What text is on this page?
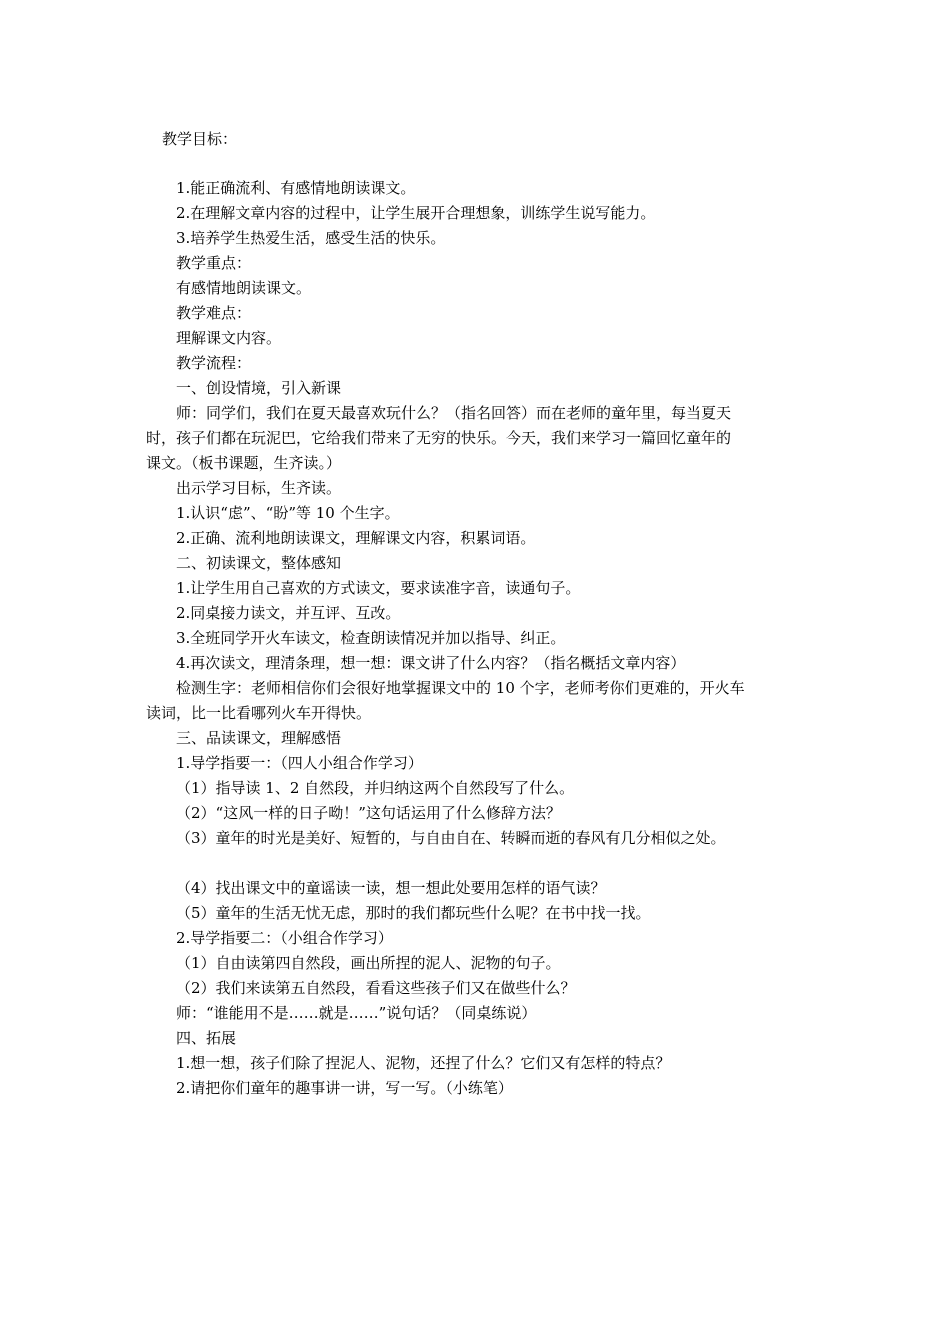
教学目标：
1.能正确流利、有感情地朗读课文。
2.在理解文章内容的过程中，让学生展开合理想象，训练学生说写能力。
3.培养学生热爱生活，感受生活的快乐。
教学重点：
有感情地朗读课文。
教学难点：
理解课文内容。
教学流程：
一、创设情境，引入新课
师：同学们，我们在夏天最喜欢玩什么？（指名回答）而在老师的童年里，每当夏天
时，孩子们都在玩泥巴，它给我们带来了无穷的快乐。今天，我们来学习一篇回忆童年的
课文。（板书课题，生齐读。）
出示学习目标，生齐读。
1.认识“虑”、“盼”等 10 个生字。
2.正确、流利地朗读课文，理解课文内容，积累词语。
二、初读课文，整体感知
1.让学生用自己喜欢的方式读文，要求读准字音，读通句子。
2.同桌接力读文，并互评、互改。
3.全班同学开火车读文，检查朗读情况并加以指导、纠正。
4.再次读文，理清条理，想一想：课文讲了什么内容？（指名概括文章内容）
检测生字：老师相信你们会很好地掌握课文中的 10 个字，老师考你们更难的，开火车
读词，比一比看哪列火车开得快。
三、品读课文，理解感悟
1.导学指要一：（四人小组合作学习）
（1）指导读 1、2 自然段，并归纳这两个自然段写了什么。
（2）“这风一样的日子呦！”这句话运用了什么修辞方法？
（3）童年的时光是美好、短暂的，与自由自在、转瞬而逝的春风有几分相似之处。
（4）找出课文中的童谣读一读，想一想此处要用怎样的语气读？
（5）童年的生活无忧无虑，那时的我们都玩些什么呢？在书中找一找。
2.导学指要二：（小组合作学习）
（1）自由读第四自然段，画出所捏的泥人、泥物的句子。
（2）我们来读第五自然段，看看这些孩子们又在做些什么？
师：“谁能用不是……就是……”说句话？（同桌练说）
四、拓展
1.想一想，孩子们除了捏泥人、泥物，还捏了什么？它们又有怎样的特点？
2.请把你们童年的趣事讲一讲，写一写。（小练笔）
